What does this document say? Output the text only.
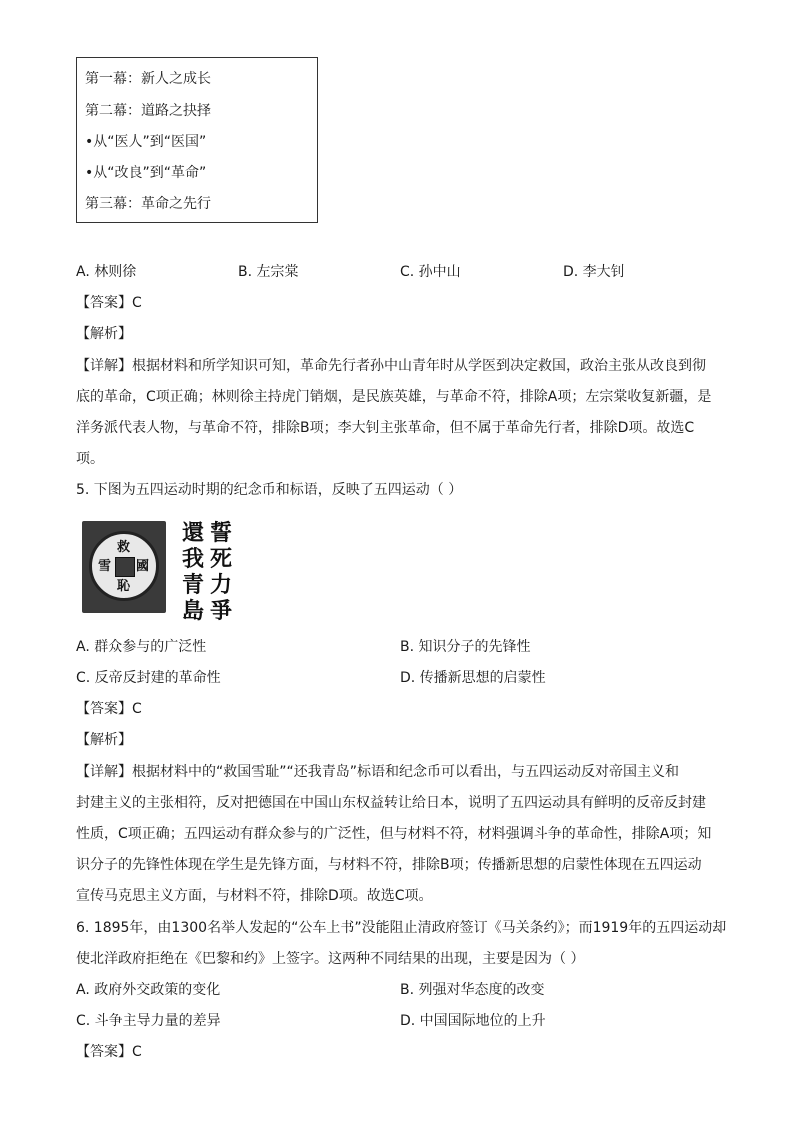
第一幕：新人之成长
第二幕：道路之抉择
•从“医人”到“医国”
•从“改良”到“革命”
第三幕：革命之先行
A. 林则徐	B. 左宗棠	C. 孙中山	D. 李大钊
【答案】C
【解析】
【详解】根据材料和所学知识可知，革命先行者孙中山青年时从学医到决定救国，政治主张从改良到彻
底的革命，C项正确；林则徐主持虎门销烟，是民族英雄，与革命不符，排除A项；左宗棠收复新疆，是
洋务派代表人物，与革命不符，排除B项；李大钊主张革命，但不属于革命先行者，排除D项。故选C
项。
5. 下图为五四运动时期的纪念币和标语，反映了五四运动（ ）
救
國
雪
恥
誓死力爭
還我青島
A. 群众参与的广泛性	B. 知识分子的先锋性
C. 反帝反封建的革命性	D. 传播新思想的启蒙性
【答案】C
【解析】
【详解】根据材料中的“救国雪耻”“还我青岛”标语和纪念币可以看出，与五四运动反对帝国主义和
封建主义的主张相符，反对把德国在中国山东权益转让给日本，说明了五四运动具有鲜明的反帝反封建
性质，C项正确；五四运动有群众参与的广泛性，但与材料不符，材料强调斗争的革命性，排除A项；知
识分子的先锋性体现在学生是先锋方面，与材料不符，排除B项；传播新思想的启蒙性体现在五四运动
宣传马克思主义方面，与材料不符，排除D项。故选C项。
6. 1895年，由1300名举人发起的“公车上书”没能阻止清政府签订《马关条约》；而1919年的五四运动却
使北洋政府拒绝在《巴黎和约》上签字。这两种不同结果的出现，主要是因为（ ）
A. 政府外交政策的变化	B. 列强对华态度的改变
C. 斗争主导力量的差异	D. 中国国际地位的上升
【答案】C
